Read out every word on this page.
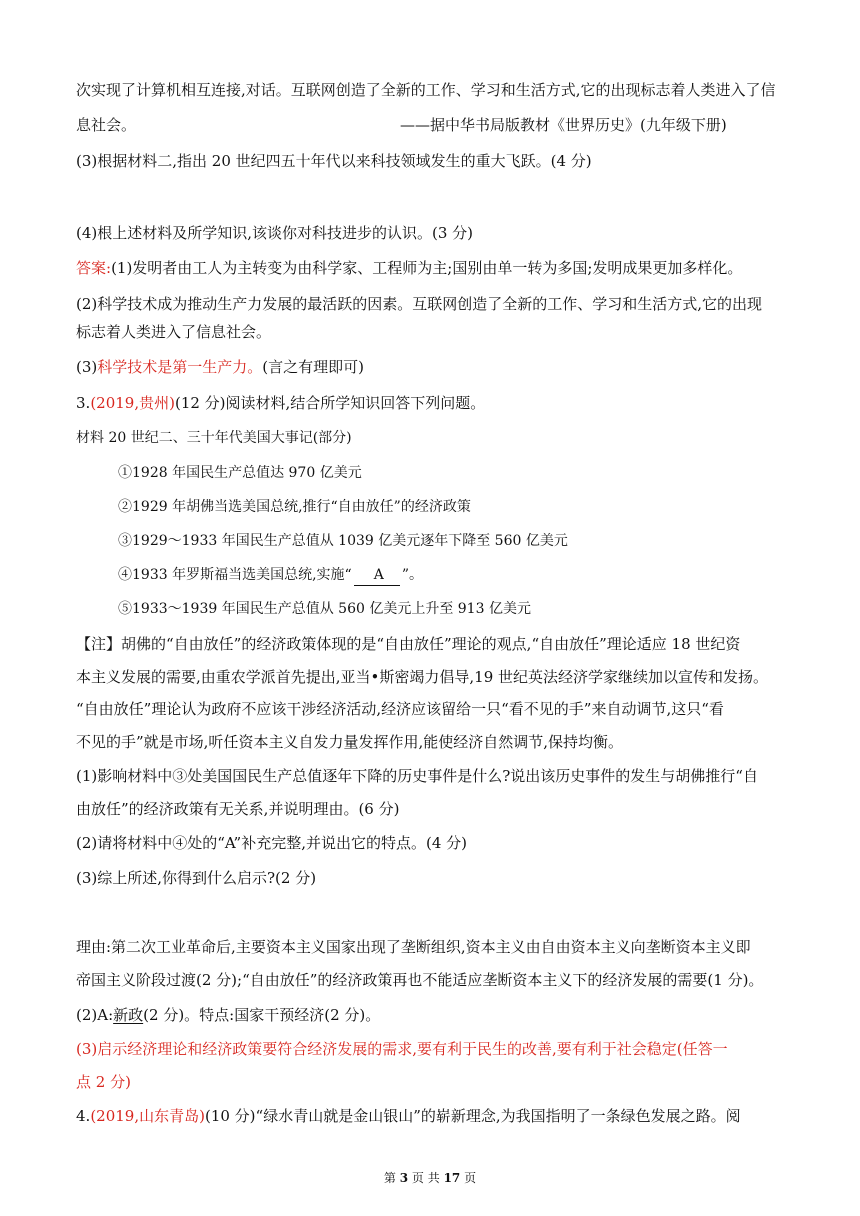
次实现了计算机相互连接,对话。互联网创造了全新的工作、学习和生活方式,它的出现标志着人类进入了信
息社会。	——据中华书局版教材《世界历史》(九年级下册)
(3)根据材料二,指出 20 世纪四五十年代以来科技领域发生的重大飞跃。(4 分)
(4)根上述材料及所学知识,该谈你对科技进步的认识。(3 分)
答案:(1)发明者由工人为主转变为由科学家、工程师为主;国别由单一转为多国;发明成果更加多样化。
(2)科学技术成为推动生产力发展的最活跃的因素。互联网创造了全新的工作、学习和生活方式,它的出现
标志着人类进入了信息社会。
(3)科学技术是第一生产力。(言之有理即可)
3.(2019,贵州)(12 分)阅读材料,结合所学知识回答下列问题。
材料 20 世纪二、三十年代美国大事记(部分)
①1928 年国民生产总值达 970 亿美元
②1929 年胡佛当选美国总统,推行“自由放任”的经济政策
③1929～1933 年国民生产总值从 1039 亿美元逐年下降至 560 亿美元
④1933 年罗斯福当选美国总统,实施“ A ”。
⑤1933～1939 年国民生产总值从 560 亿美元上升至 913 亿美元
【注】胡佛的“自由放任”的经济政策体现的是“自由放任”理论的观点,“自由放任”理论适应 18 世纪资
本主义发展的需要,由重农学派首先提出,亚当•斯密竭力倡导,19 世纪英法经济学家继续加以宣传和发扬。
“自由放任”理论认为政府不应该干涉经济活动,经济应该留给一只“看不见的手”来自动调节,这只“看
不见的手”就是市场,听任资本主义自发力量发挥作用,能使经济自然调节,保持均衡。
(1)影响材料中③处美国国民生产总值逐年下降的历史事件是什么?说出该历史事件的发生与胡佛推行“自
由放任”的经济政策有无关系,并说明理由。(6 分)
(2)请将材料中④处的“A”补充完整,并说出它的特点。(4 分)
(3)综上所述,你得到什么启示?(2 分)
理由:第二次工业革命后,主要资本主义国家出现了垄断组织,资本主义由自由资本主义向垄断资本主义即
帝国主义阶段过渡(2 分);“自由放任”的经济政策再也不能适应垄断资本主义下的经济发展的需要(1 分)。
(2)A:新政(2 分)。特点:国家干预经济(2 分)。
(3)启示经济理论和经济政策要符合经济发展的需求,要有利于民生的改善,要有利于社会稳定(任答一
点 2 分)
4.(2019,山东青岛)(10 分)“绿水青山就是金山银山”的崭新理念,为我国指明了一条绿色发展之路。阅
第 3 页 共 17 页
